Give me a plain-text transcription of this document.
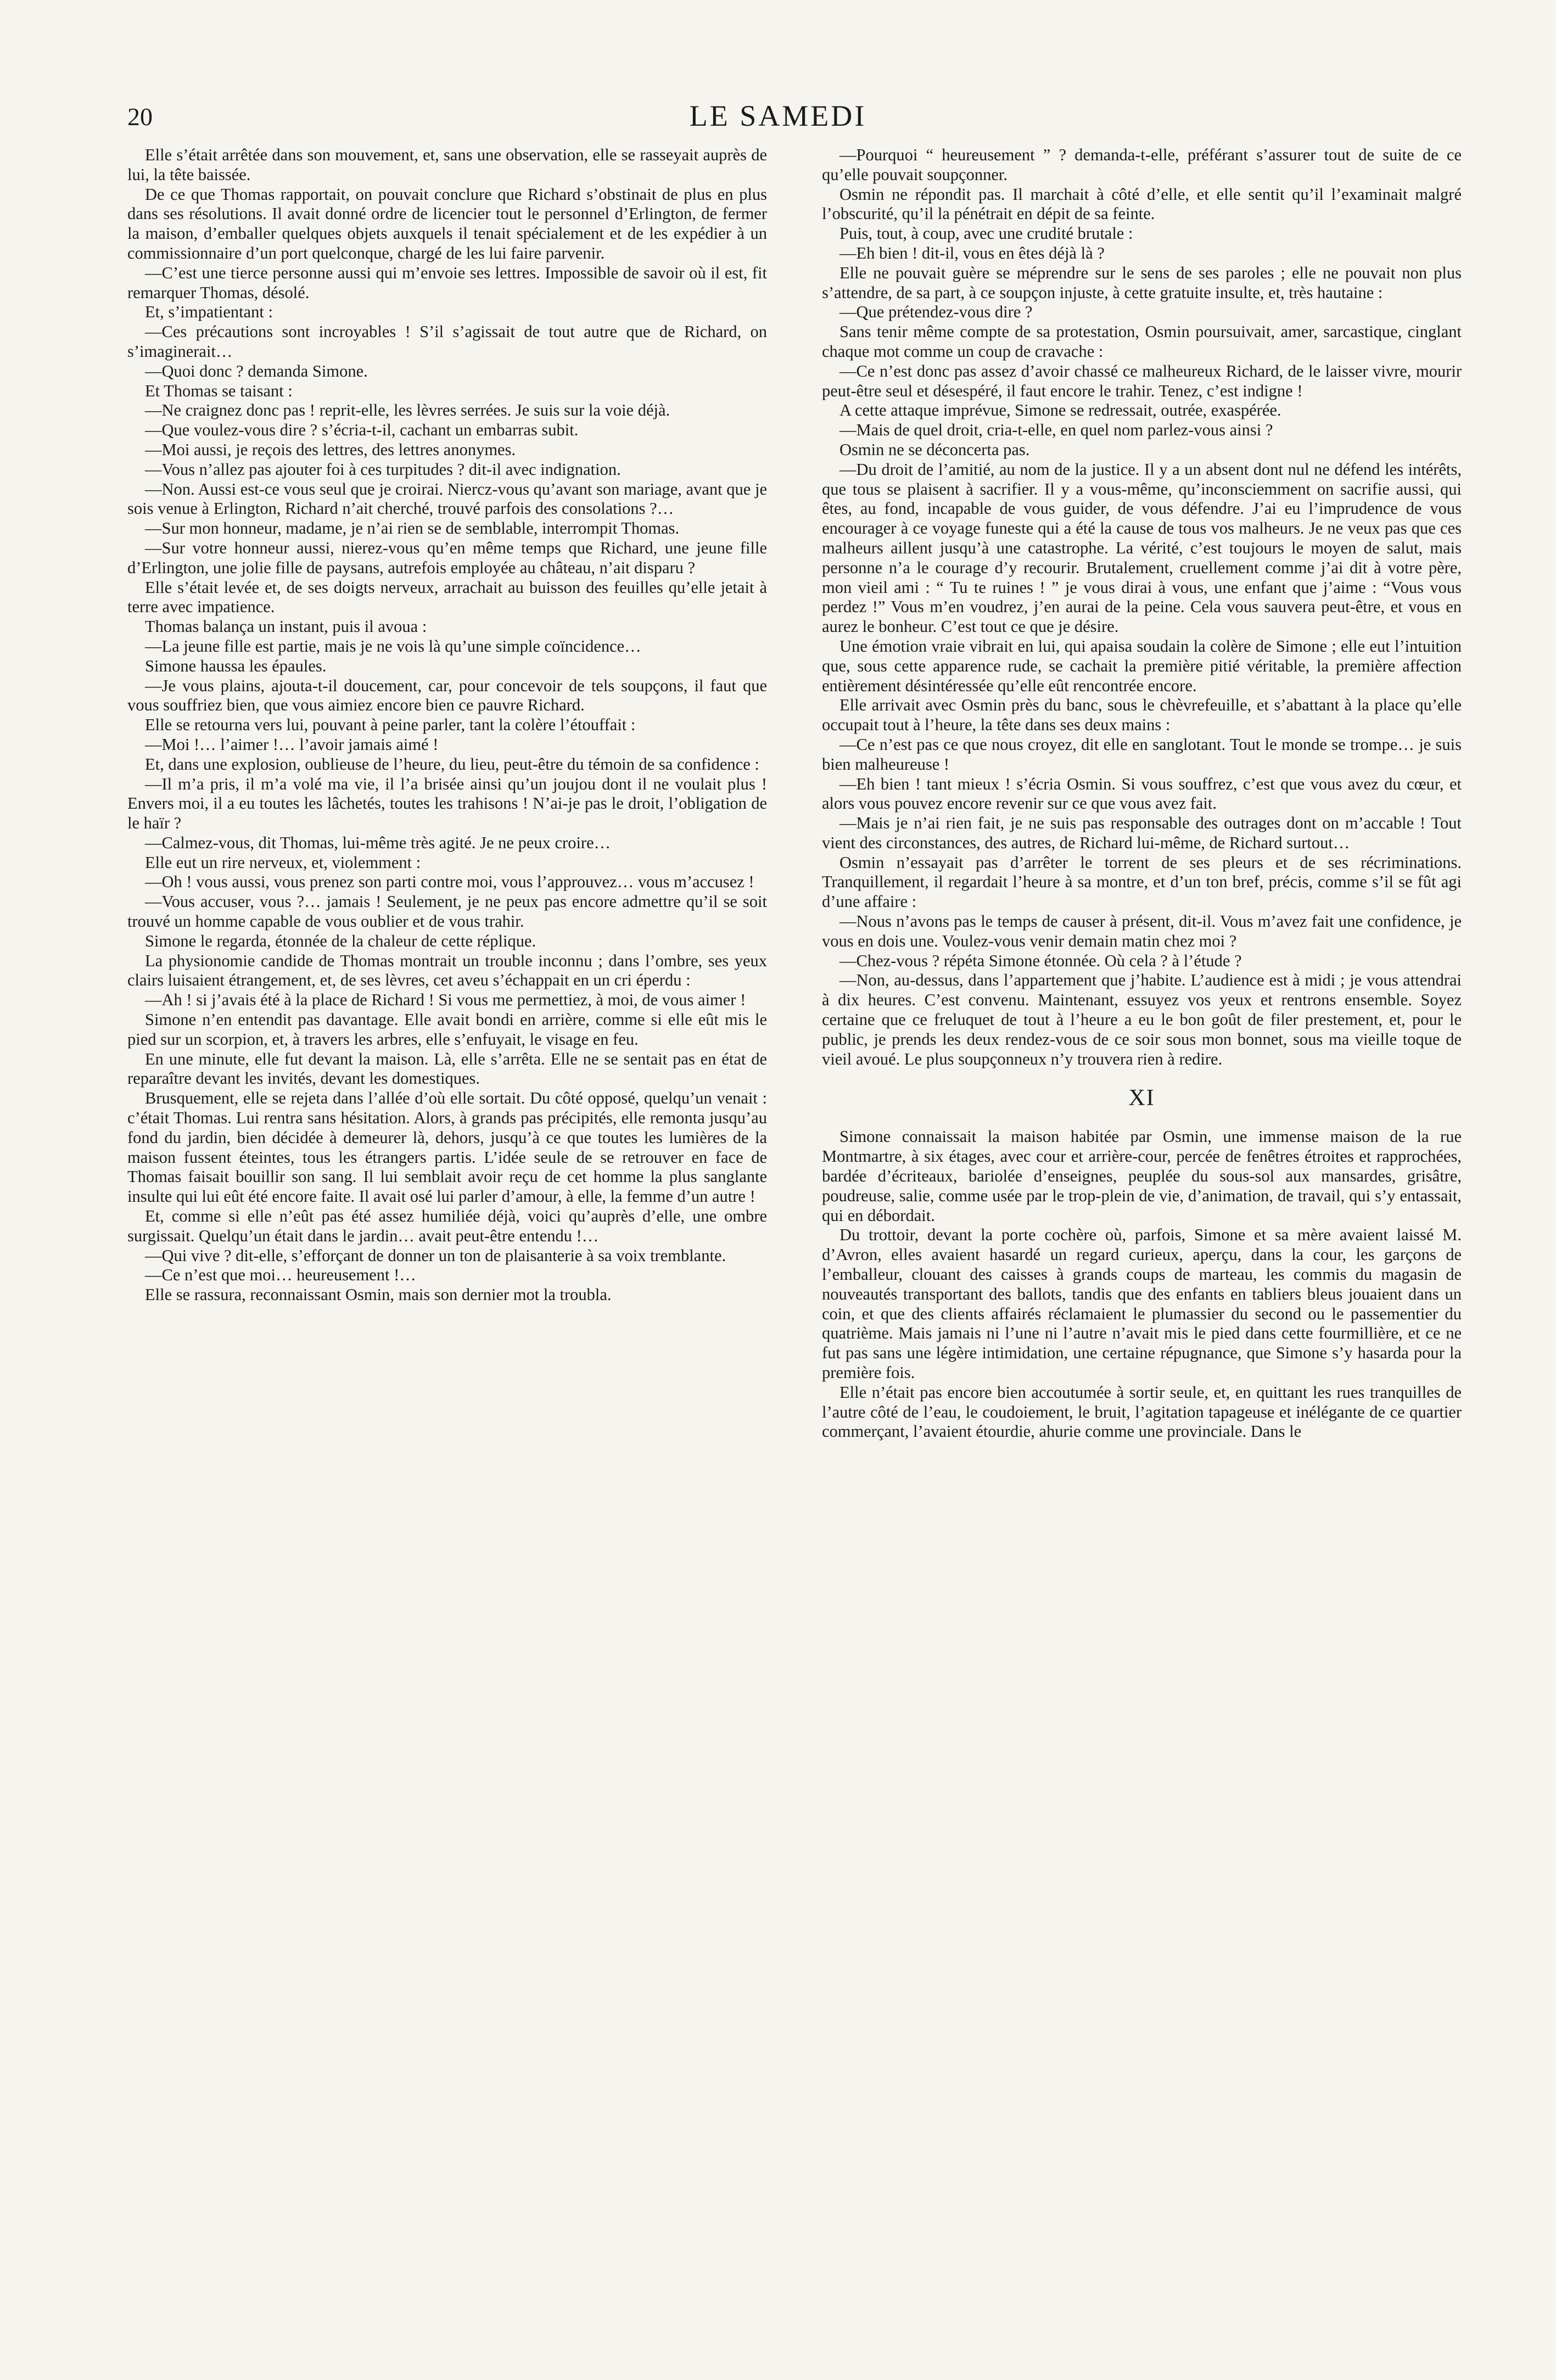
20	LE SAMEDI

Elle s’était arrêtée dans son mouvement, et, sans une observation, elle se rasseyait auprès de lui, la tête baissée.

De ce que Thomas rapportait, on pouvait conclure que Richard s’obstinait de plus en plus dans ses résolutions. Il avait donné ordre de licencier tout le personnel d’Erlington, de fermer la maison, d’emballer quelques objets auxquels il tenait spécialement et de les expédier à un commissionnaire d’un port quelconque, chargé de les lui faire parvenir.

—C’est une tierce personne aussi qui m’envoie ses lettres. Impossible de savoir où il est, fit remarquer Thomas, désolé.

Et, s’impatientant :

—Ces précautions sont incroyables ! S’il s’agissait de tout autre que de Richard, on s’imaginerait…

—Quoi donc ? demanda Simone.

Et Thomas se taisant :

—Ne craignez donc pas ! reprit-elle, les lèvres serrées. Je suis sur la voie déjà.

—Que voulez-vous dire ? s’écria-t-il, cachant un embarras subit.

—Moi aussi, je reçois des lettres, des lettres anonymes.

—Vous n’allez pas ajouter foi à ces turpitudes ? dit-il avec indignation.

—Non. Aussi est-ce vous seul que je croirai. Niercz-vous qu’avant son mariage, avant que je sois venue à Erlington, Richard n’ait cherché, trouvé parfois des consolations ?…

—Sur mon honneur, madame, je n’ai rien se de semblable, interrompit Thomas.

—Sur votre honneur aussi, nierez-vous qu’en même temps que Richard, une jeune fille d’Erlington, une jolie fille de paysans, autrefois employée au château, n’ait disparu ?

Elle s’était levée et, de ses doigts nerveux, arrachait au buisson des feuilles qu’elle jetait à terre avec impatience.

Thomas balança un instant, puis il avoua :

—La jeune fille est partie, mais je ne vois là qu’une simple coïncidence…

Simone haussa les épaules.

—Je vous plains, ajouta-t-il doucement, car, pour concevoir de tels soupçons, il faut que vous souffriez bien, que vous aimiez encore bien ce pauvre Richard.

Elle se retourna vers lui, pouvant à peine parler, tant la colère l’étouffait :

—Moi !… l’aimer !… l’avoir jamais aimé !

Et, dans une explosion, oublieuse de l’heure, du lieu, peut-être du témoin de sa confidence :

—Il m’a pris, il m’a volé ma vie, il l’a brisée ainsi qu’un joujou dont il ne voulait plus ! Envers moi, il a eu toutes les lâchetés, toutes les trahisons ! N’ai-je pas le droit, l’obligation de le haïr ?

—Calmez-vous, dit Thomas, lui-même très agité. Je ne peux croire…

Elle eut un rire nerveux, et, violemment :

—Oh ! vous aussi, vous prenez son parti contre moi, vous l’approuvez… vous m’accusez !

—Vous accuser, vous ?… jamais ! Seulement, je ne peux pas encore admettre qu’il se soit trouvé un homme capable de vous oublier et de vous trahir.

Simone le regarda, étonnée de la chaleur de cette réplique.

La physionomie candide de Thomas montrait un trouble inconnu ; dans l’ombre, ses yeux clairs luisaient étrangement, et, de ses lèvres, cet aveu s’échappait en un cri éperdu :

—Ah ! si j’avais été à la place de Richard ! Si vous me permettiez, à moi, de vous aimer !

Simone n’en entendit pas davantage. Elle avait bondi en arrière, comme si elle eût mis le pied sur un scorpion, et, à travers les arbres, elle s’enfuyait, le visage en feu.

En une minute, elle fut devant la maison. Là, elle s’arrêta. Elle ne se sentait pas en état de reparaître devant les invités, devant les domestiques.

Brusquement, elle se rejeta dans l’allée d’où elle sortait. Du côté opposé, quelqu’un venait : c’était Thomas. Lui rentra sans hésitation. Alors, à grands pas précipités, elle remonta jusqu’au fond du jardin, bien décidée à demeurer là, dehors, jusqu’à ce que toutes les lumières de la maison fussent éteintes, tous les étrangers partis. L’idée seule de se retrouver en face de Thomas faisait bouillir son sang. Il lui semblait avoir reçu de cet homme la plus sanglante insulte qui lui eût été encore faite. Il avait osé lui parler d’amour, à elle, la femme d’un autre !

Et, comme si elle n’eût pas été assez humiliée déjà, voici qu’auprès d’elle, une ombre surgissait. Quelqu’un était dans le jardin… avait peut-être entendu !…

—Qui vive ? dit-elle, s’efforçant de donner un ton de plaisanterie à sa voix tremblante.

—Ce n’est que moi… heureusement !…

Elle se rassura, reconnaissant Osmin, mais son dernier mot la troubla.

—Pourquoi “ heureusement ” ? demanda-t-elle, préférant s’assurer tout de suite de ce qu’elle pouvait soupçonner.

Osmin ne répondit pas. Il marchait à côté d’elle, et elle sentit qu’il l’examinait malgré l’obscurité, qu’il la pénétrait en dépit de sa feinte.

Puis, tout, à coup, avec une crudité brutale :

—Eh bien ! dit-il, vous en êtes déjà là ?

Elle ne pouvait guère se méprendre sur le sens de ses paroles ; elle ne pouvait non plus s’attendre, de sa part, à ce soupçon injuste, à cette gratuite insulte, et, très hautaine :

—Que prétendez-vous dire ?

Sans tenir même compte de sa protestation, Osmin poursuivait, amer, sarcastique, cinglant chaque mot comme un coup de cravache :

—Ce n’est donc pas assez d’avoir chassé ce malheureux Richard, de le laisser vivre, mourir peut-être seul et désespéré, il faut encore le trahir. Tenez, c’est indigne !

A cette attaque imprévue, Simone se redressait, outrée, exaspérée.

—Mais de quel droit, cria-t-elle, en quel nom parlez-vous ainsi ?

Osmin ne se déconcerta pas.

—Du droit de l’amitié, au nom de la justice. Il y a un absent dont nul ne défend les intérêts, que tous se plaisent à sacrifier. Il y a vous-même, qu’inconsciemment on sacrifie aussi, qui êtes, au fond, incapable de vous guider, de vous défendre. J’ai eu l’imprudence de vous encourager à ce voyage funeste qui a été la cause de tous vos malheurs. Je ne veux pas que ces malheurs aillent jusqu’à une catastrophe. La vérité, c’est toujours le moyen de salut, mais personne n’a le courage d’y recourir. Brutalement, cruellement comme j’ai dit à votre père, mon vieil ami : “ Tu te ruines ! ” je vous dirai à vous, une enfant que j’aime : “Vous vous perdez !” Vous m’en voudrez, j’en aurai de la peine. Cela vous sauvera peut-être, et vous en aurez le bonheur. C’est tout ce que je désire.

Une émotion vraie vibrait en lui, qui apaisa soudain la colère de Simone ; elle eut l’intuition que, sous cette apparence rude, se cachait la première pitié véritable, la première affection entièrement désintéressée qu’elle eût rencontrée encore.

Elle arrivait avec Osmin près du banc, sous le chèvrefeuille, et s’abattant à la place qu’elle occupait tout à l’heure, la tête dans ses deux mains :

—Ce n’est pas ce que nous croyez, dit elle en sanglotant. Tout le monde se trompe… je suis bien malheureuse !

—Eh bien ! tant mieux ! s’écria Osmin. Si vous souffrez, c’est que vous avez du cœur, et alors vous pouvez encore revenir sur ce que vous avez fait.

—Mais je n’ai rien fait, je ne suis pas responsable des outrages dont on m’accable ! Tout vient des circonstances, des autres, de Richard lui-même, de Richard surtout…

Osmin n’essayait pas d’arrêter le torrent de ses pleurs et de ses récriminations. Tranquillement, il regardait l’heure à sa montre, et d’un ton bref, précis, comme s’il se fût agi d’une affaire :

—Nous n’avons pas le temps de causer à présent, dit-il. Vous m’avez fait une confidence, je vous en dois une. Voulez-vous venir demain matin chez moi ?

—Chez-vous ? répéta Simone étonnée. Où cela ? à l’étude ?

—Non, au-dessus, dans l’appartement que j’habite. L’audience est à midi ; je vous attendrai à dix heures. C’est convenu. Maintenant, essuyez vos yeux et rentrons ensemble. Soyez certaine que ce freluquet de tout à l’heure a eu le bon goût de filer prestement, et, pour le public, je prends les deux rendez-vous de ce soir sous mon bonnet, sous ma vieille toque de vieil avoué. Le plus soupçonneux n’y trouvera rien à redire.

XI

Simone connaissait la maison habitée par Osmin, une immense maison de la rue Montmartre, à six étages, avec cour et arrière-cour, percée de fenêtres étroites et rapprochées, bardée d’écriteaux, bariolée d’enseignes, peuplée du sous-sol aux mansardes, grisâtre, poudreuse, salie, comme usée par le trop-plein de vie, d’animation, de travail, qui s’y entassait, qui en débordait.

Du trottoir, devant la porte cochère où, parfois, Simone et sa mère avaient laissé M. d’Avron, elles avaient hasardé un regard curieux, aperçu, dans la cour, les garçons de l’emballeur, clouant des caisses à grands coups de marteau, les commis du magasin de nouveautés transportant des ballots, tandis que des enfants en tabliers bleus jouaient dans un coin, et que des clients affairés réclamaient le plumassier du second ou le passementier du quatrième. Mais jamais ni l’une ni l’autre n’avait mis le pied dans cette fourmillière, et ce ne fut pas sans une légère intimidation, une certaine répugnance, que Simone s’y hasarda pour la première fois.

Elle n’était pas encore bien accoutumée à sortir seule, et, en quittant les rues tranquilles de l’autre côté de l’eau, le coudoiement, le bruit, l’agitation tapageuse et inélégante de ce quartier commerçant, l’avaient étourdie, ahurie comme une provinciale. Dans le
